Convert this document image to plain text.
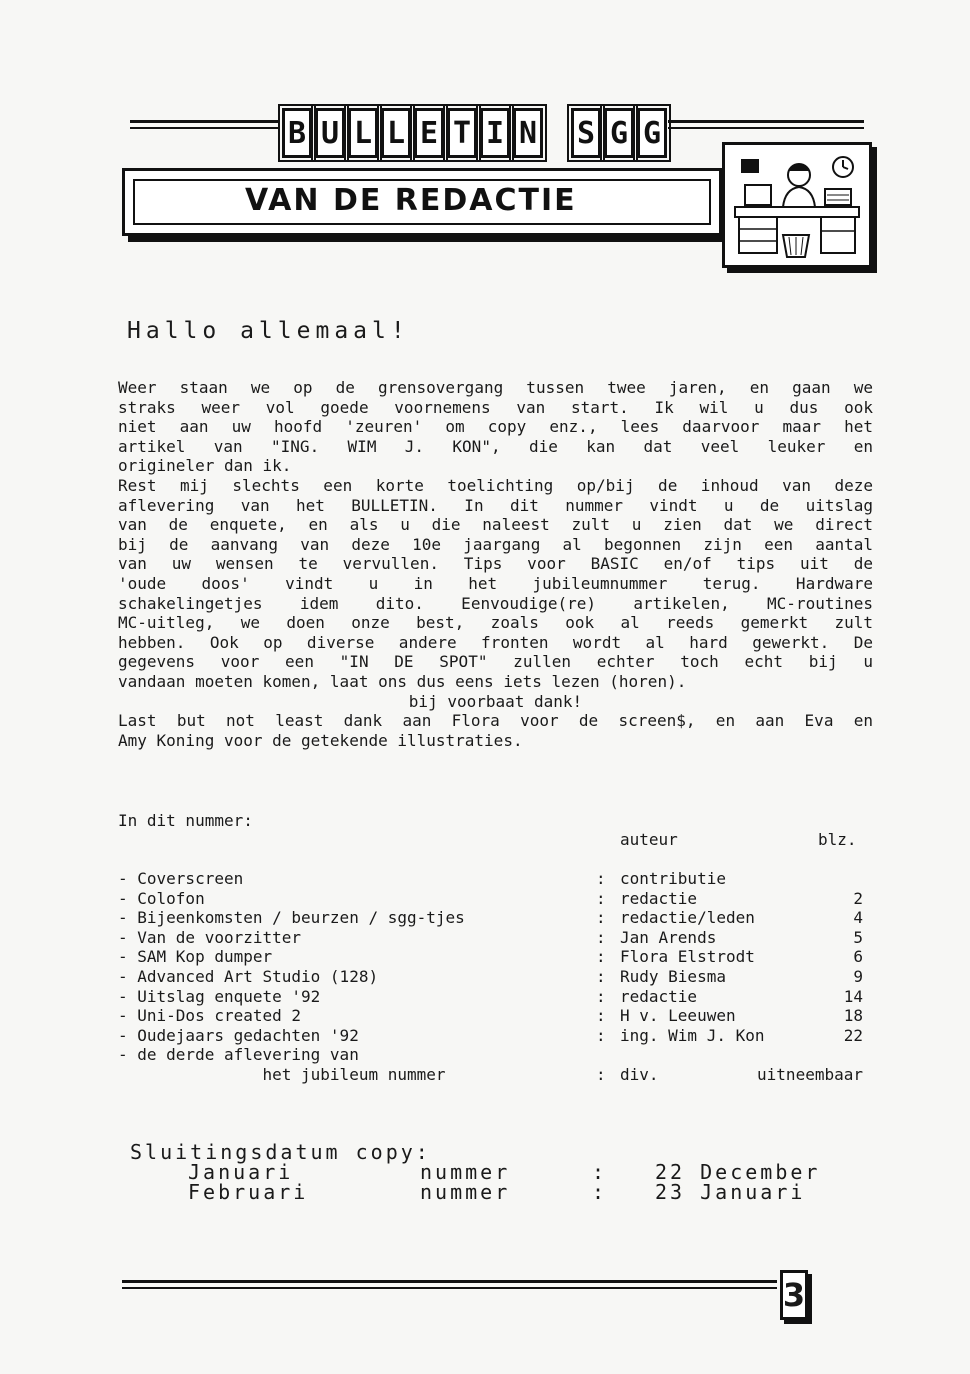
B U L L E T I N S G G
VAN DE REDACTIE
Hallo allemaal!
Weer staan we op de grensovergang tussen twee jaren, en gaan we
straks weer vol goede voornemens van start. Ik wil u dus ook
niet aan uw hoofd 'zeuren' om copy enz., lees daarvoor maar het
artikel van "ING. WIM J. KON", die kan dat veel leuker en
origineler dan ik.
Rest mij slechts een korte toelichting op/bij de inhoud van deze
aflevering van het BULLETIN. In dit nummer vindt u de uitslag
van de enquete, en als u die naleest zult u zien dat we direct
bij de aanvang van deze 10e jaargang al begonnen zijn een aantal
van uw wensen te vervullen. Tips voor BASIC en/of tips uit de
'oude doos' vindt u in het jubileumnummer terug. Hardware
schakelingetjes idem dito. Eenvoudige(re) artikelen, MC-routines
MC-uitleg, we doen onze best, zoals ook al reeds gemerkt zult
hebben. Ook op diverse andere fronten wordt al hard gewerkt. De
gegevens voor een "IN DE SPOT" zullen echter toch echt bij u
vandaan moeten komen, laat ons dus eens iets lezen (horen).
bij voorbaat dank!
Last but not least dank aan Flora voor de screen$, en aan Eva en
Amy Koning voor de getekende illustraties.
In dit nummer:
auteur	blz.
- Coverscreen	: contributie
- Colofon	: redactie	2
- Bijeenkomsten / beurzen / sgg-tjes	: redactie/leden	4
- Van de voorzitter	: Jan Arends	5
- SAM Kop dumper	: Flora Elstrodt	6
- Advanced Art Studio (128)	: Rudy Biesma	9
- Uitslag enquete '92	: redactie	14
- Uni-Dos created 2	: H v. Leeuwen	18
- Oudejaars gedachten '92	: ing. Wim J. Kon	22
- de derde aflevering van
het jubileum nummer	: div.	uitneembaar
Sluitingsdatum copy:
Januari	nummer	: 22 December
Februari	nummer	: 23 Januari
3
